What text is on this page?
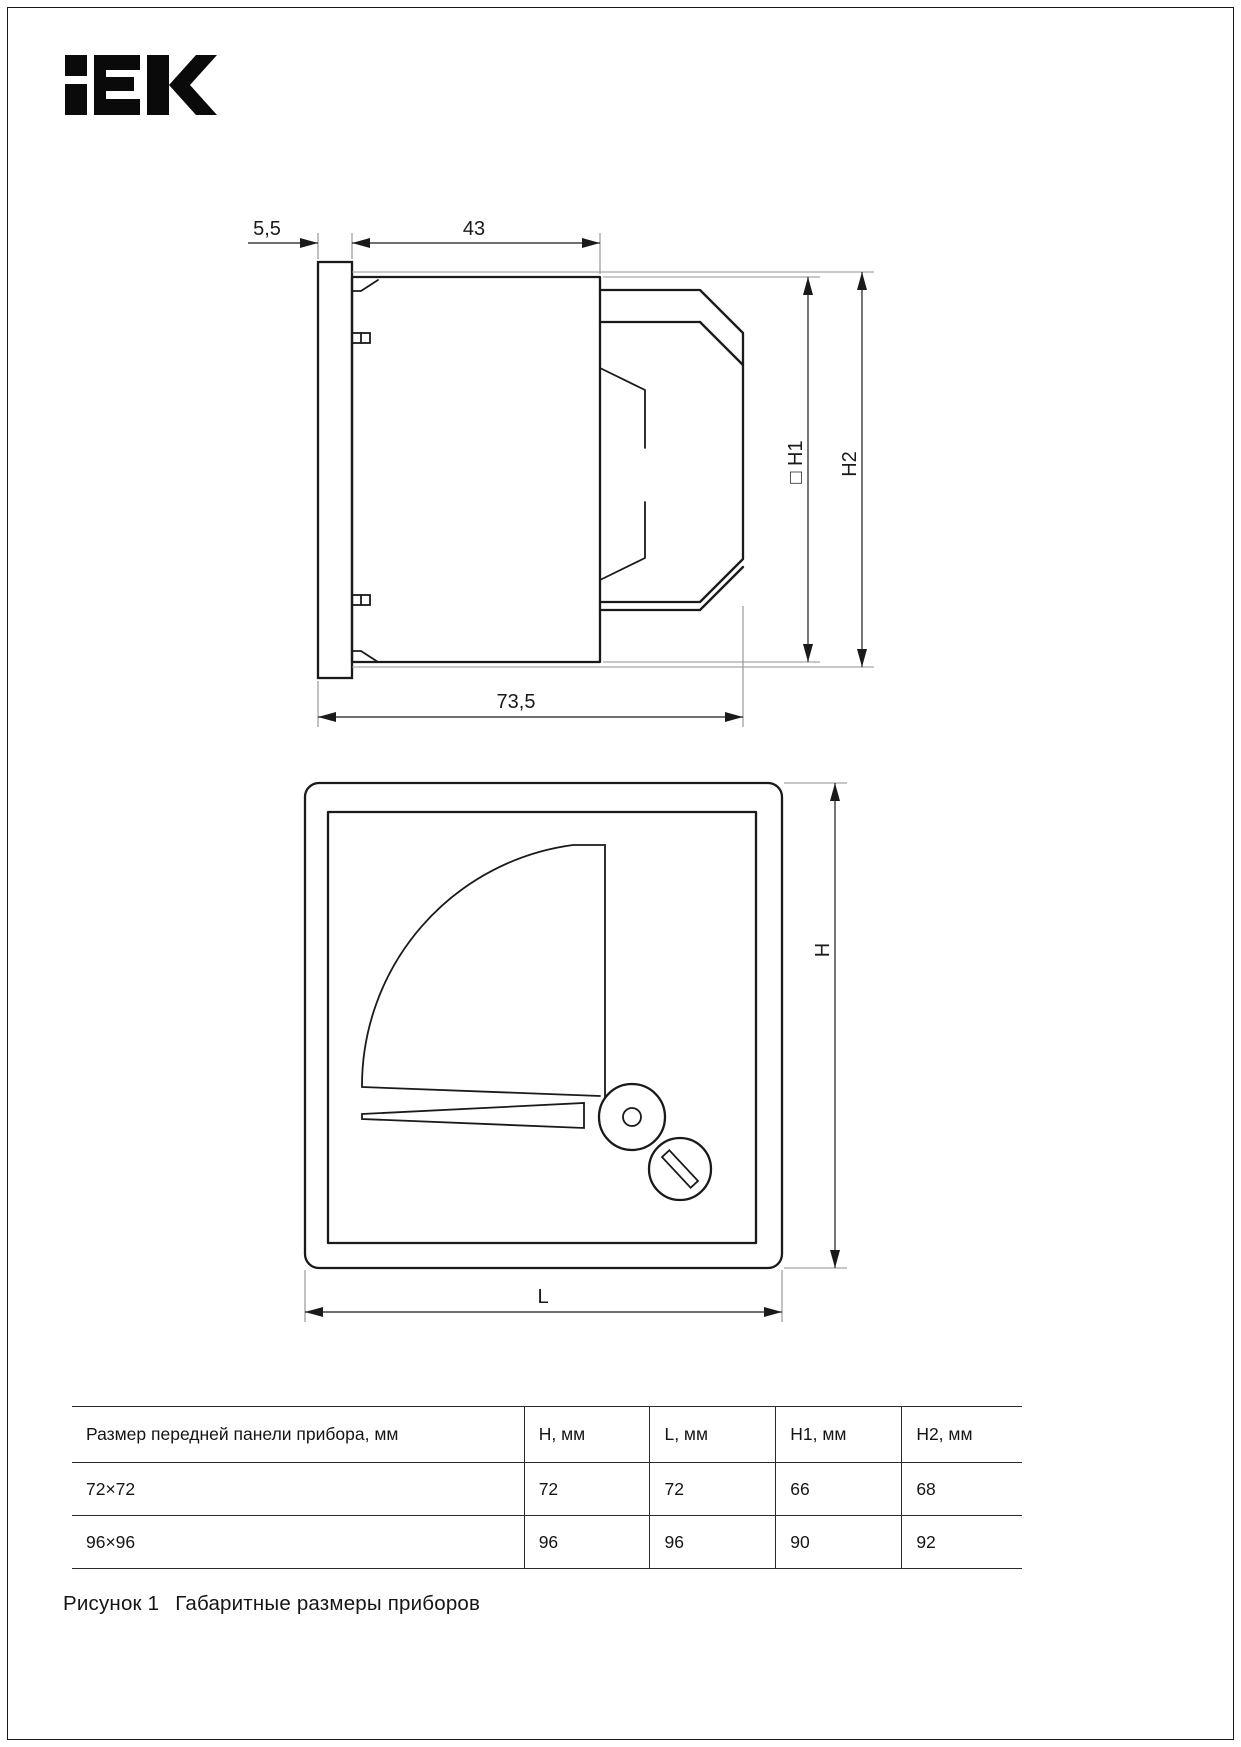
5,5	43
73,5
□ H1 H2
H
L
Размер передней панели прибора, мм	H, мм	L, мм	H1, мм	H2, мм
72×72	72	72	66	68
96×96	96	96	90	92
Рисунок 1 Габаритные размеры приборов
